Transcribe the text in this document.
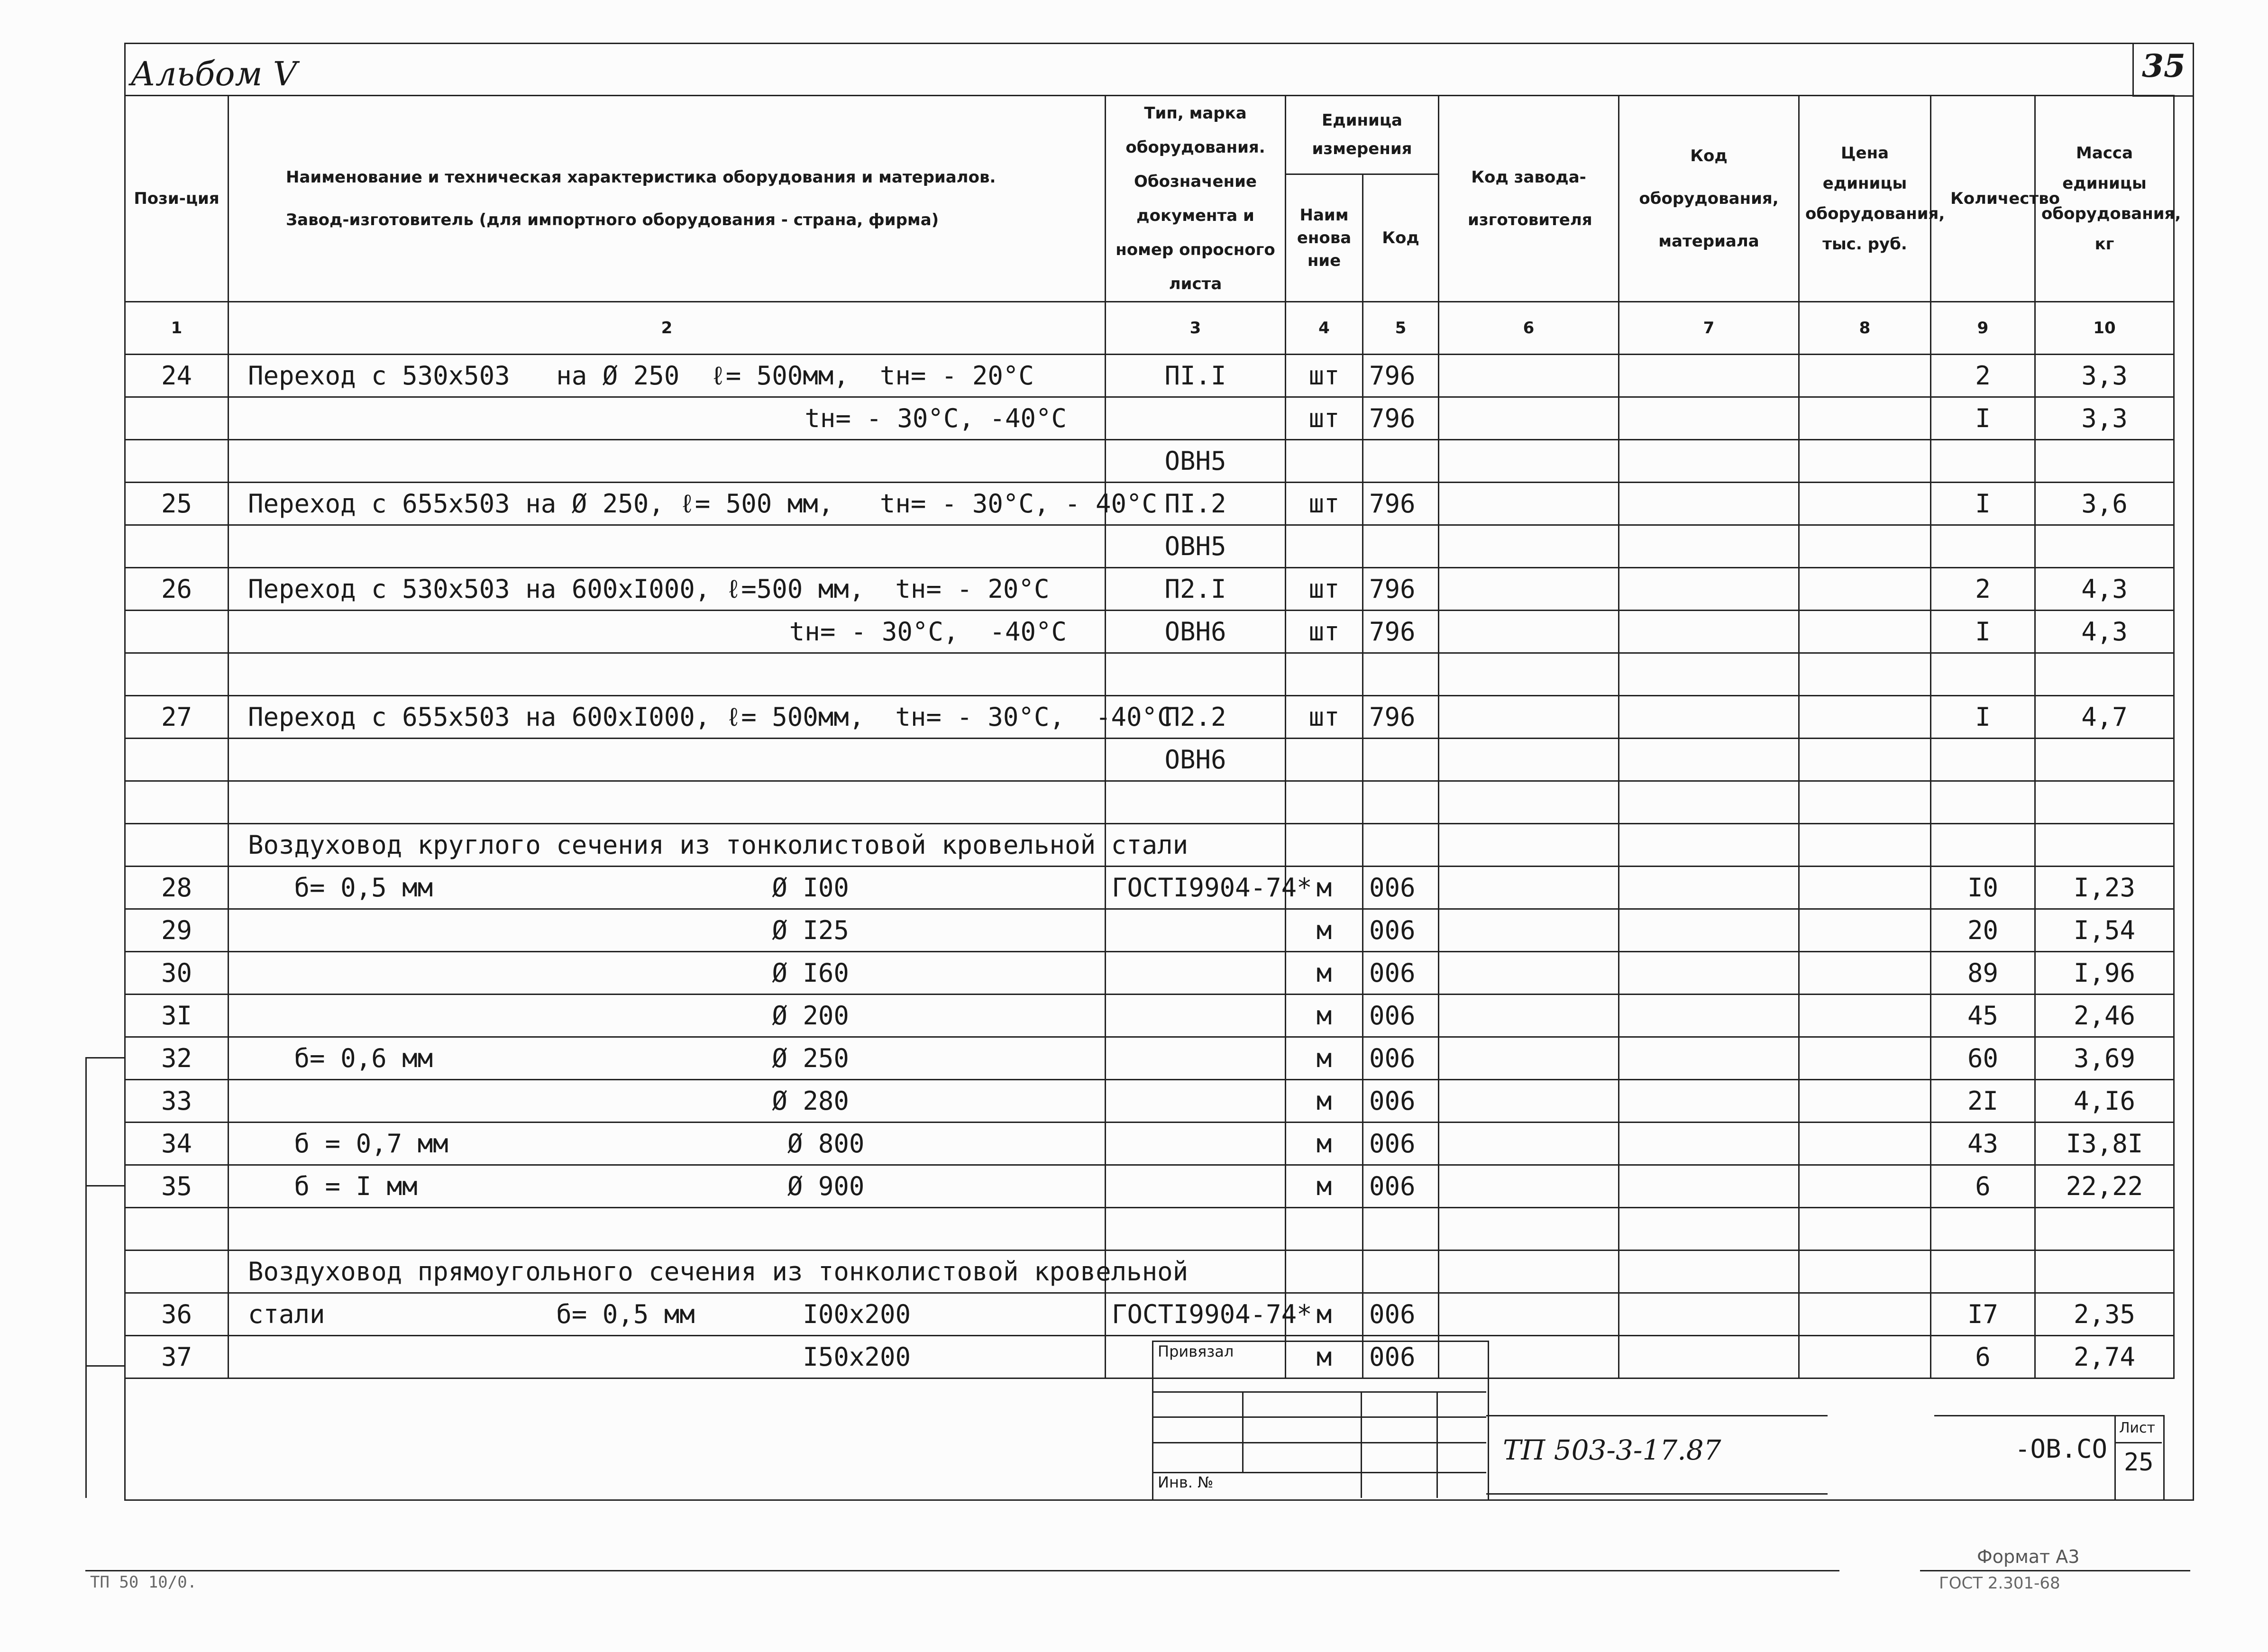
35
Альбом V
Пози-ция	Наименование и техническая характеристика оборудования и материалов.
Завод-изготовитель (для импортного оборудования - страна, фирма)	Тип, марка оборудования. Обозначение документа и номер опросного листа	Единица измерения		Код завода-изготовителя	Код оборудования, материала	Цена единицы оборудования, тыс. руб.	Количество	Масса единицы оборудования, кг
			Наименование	Код					
1	2	3	4	5	6	7	8	9	10
24	Переход с 530х503   на Ø 250  ℓ= 500мм,  tн= - 20°С	ПI.I	шт	796				2	3,3
	tн= - 30°С, -40°С		шт	796				I	3,3
		ОВН5							
25	Переход с 655х503 на Ø 250, ℓ= 500 мм,   tн= - 30°С, - 40°С	ПI.2	шт	796				I	3,6
		ОВН5							
26	Переход с 530х503 на 600хI000, ℓ=500 мм,  tн= - 20°С	П2.I	шт	796				2	4,3
	tн= - 30°С,  -40°С	ОВН6	шт	796				I	4,3

27	Переход с 655х503 на 600хI000, ℓ= 500мм,  tн= - 30°С,  -40°С	П2.2	шт	796				I	4,7
		ОВН6							

	Воздуховод круглого сечения из тонколистовой кровельной стали								
28	б= 0,5 мм                      Ø I00	ГОСТI9904-74*	м	006				I0	I,23
29	Ø I25		м	006				20	I,54
30	Ø I60		м	006				89	I,96
3I	Ø 200		м	006				45	2,46
32	б= 0,6 мм                      Ø 250		м	006				60	3,69
33	Ø 280		м	006				2I	4,I6
34	б = 0,7 мм                      Ø 800		м	006				43	I3,8I
35	б = I мм                        Ø 900		м	006				6	22,22

	Воздуховод прямоугольного сечения из тонколистовой кровельной								
36	стали               б= 0,5 мм       I00х200	ГОСТI9904-74*	м	006				I7	2,35
37	I50х200		м	006				6	2,74
Привязал
Инв. №
ТП 503-3-17.87	-ОВ.СО
Лист
25
ТП 50 10/0.
Формат А3
ГОСТ 2.301-68
